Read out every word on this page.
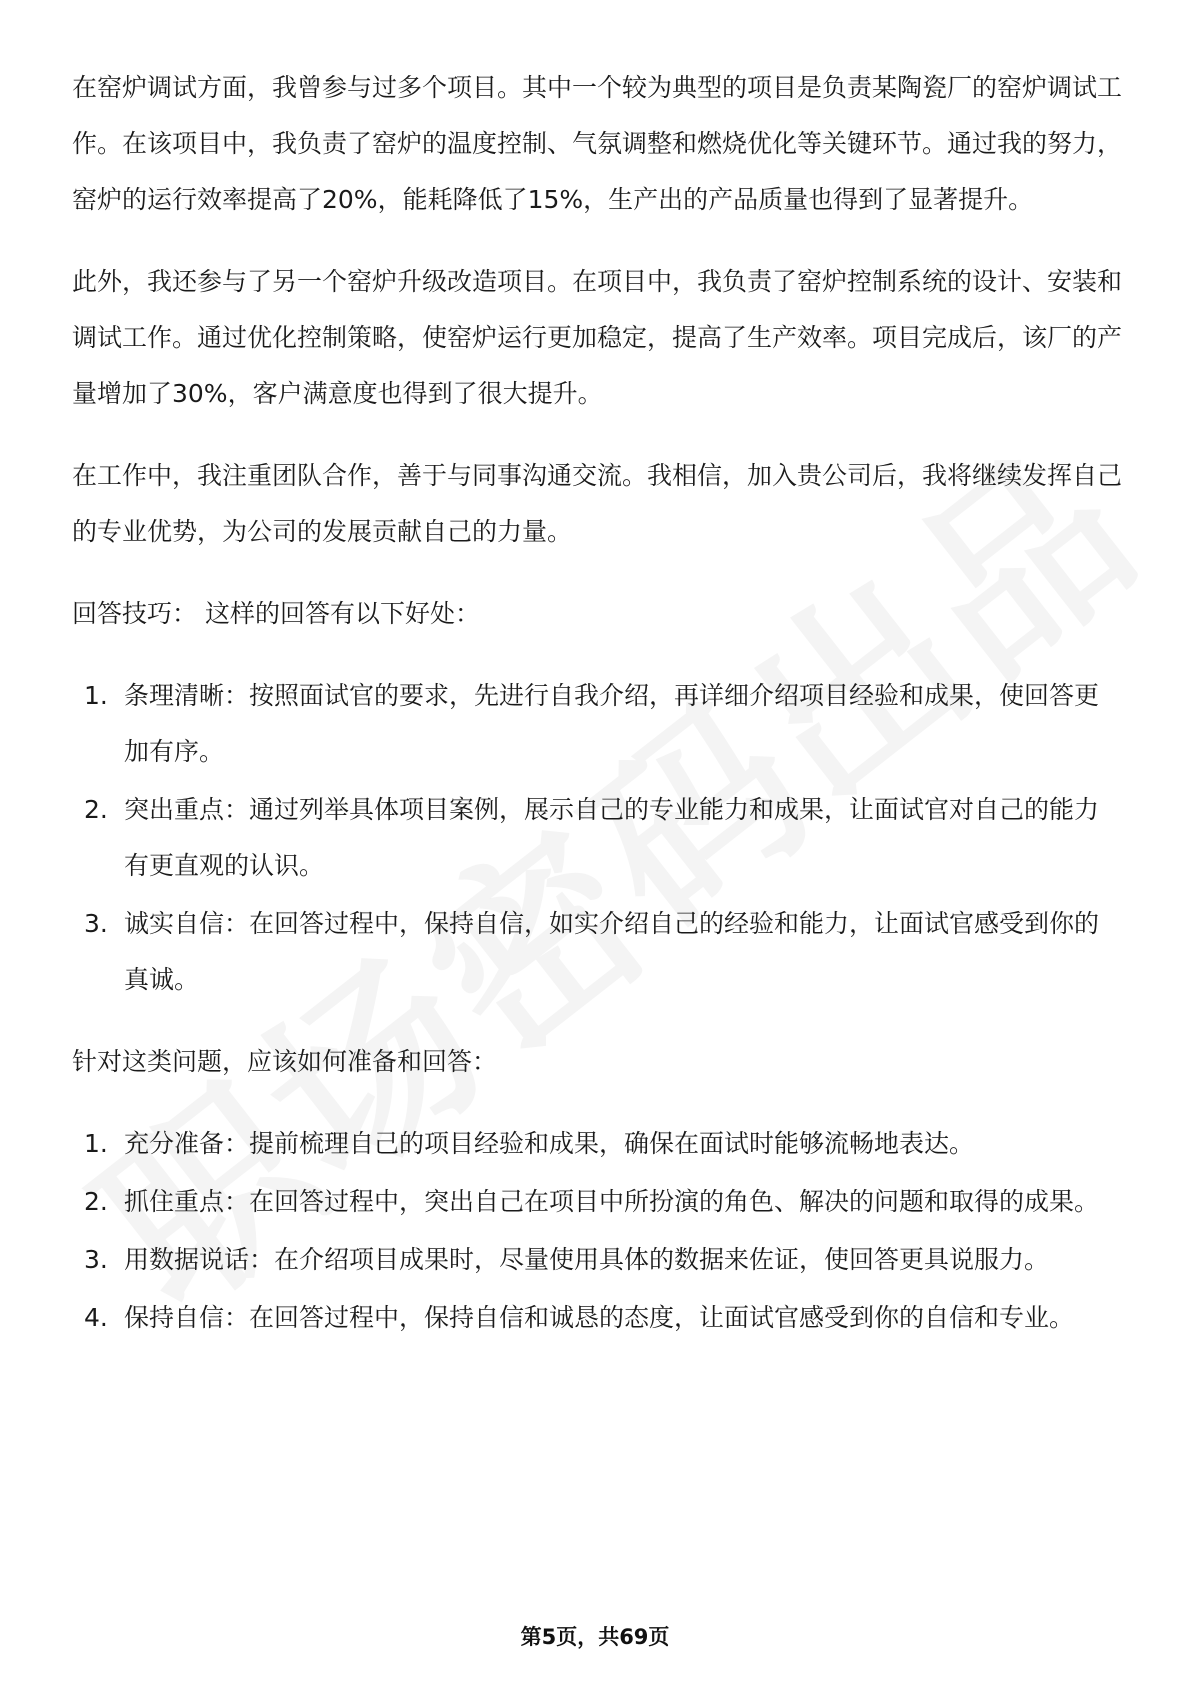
在窑炉调试方面，我曾参与过多个项目。其中一个较为典型的项目是负责某陶瓷厂的窑炉调试工作。在该项目中，我负责了窑炉的温度控制、气氛调整和燃烧优化等关键环节。通过我的努力，窑炉的运行效率提高了20%，能耗降低了15%，生产出的产品质量也得到了显著提升。

此外，我还参与了另一个窑炉升级改造项目。在项目中，我负责了窑炉控制系统的设计、安装和调试工作。通过优化控制策略，使窑炉运行更加稳定，提高了生产效率。项目完成后，该厂的产量增加了30%，客户满意度也得到了很大提升。

在工作中，我注重团队合作，善于与同事沟通交流。我相信，加入贵公司后，我将继续发挥自己的专业优势，为公司的发展贡献自己的力量。

回答技巧： 这样的回答有以下好处：

1. 条理清晰：按照面试官的要求，先进行自我介绍，再详细介绍项目经验和成果，使回答更加有序。
2. 突出重点：通过列举具体项目案例，展示自己的专业能力和成果，让面试官对自己的能力有更直观的认识。
3. 诚实自信：在回答过程中，保持自信，如实介绍自己的经验和能力，让面试官感受到你的真诚。

针对这类问题，应该如何准备和回答：

1. 充分准备：提前梳理自己的项目经验和成果，确保在面试时能够流畅地表达。
2. 抓住重点：在回答过程中，突出自己在项目中所扮演的角色、解决的问题和取得的成果。
3. 用数据说话：在介绍项目成果时，尽量使用具体的数据来佐证，使回答更具说服力。
4. 保持自信：在回答过程中，保持自信和诚恳的态度，让面试官感受到你的自信和专业。
第5页，共69页
